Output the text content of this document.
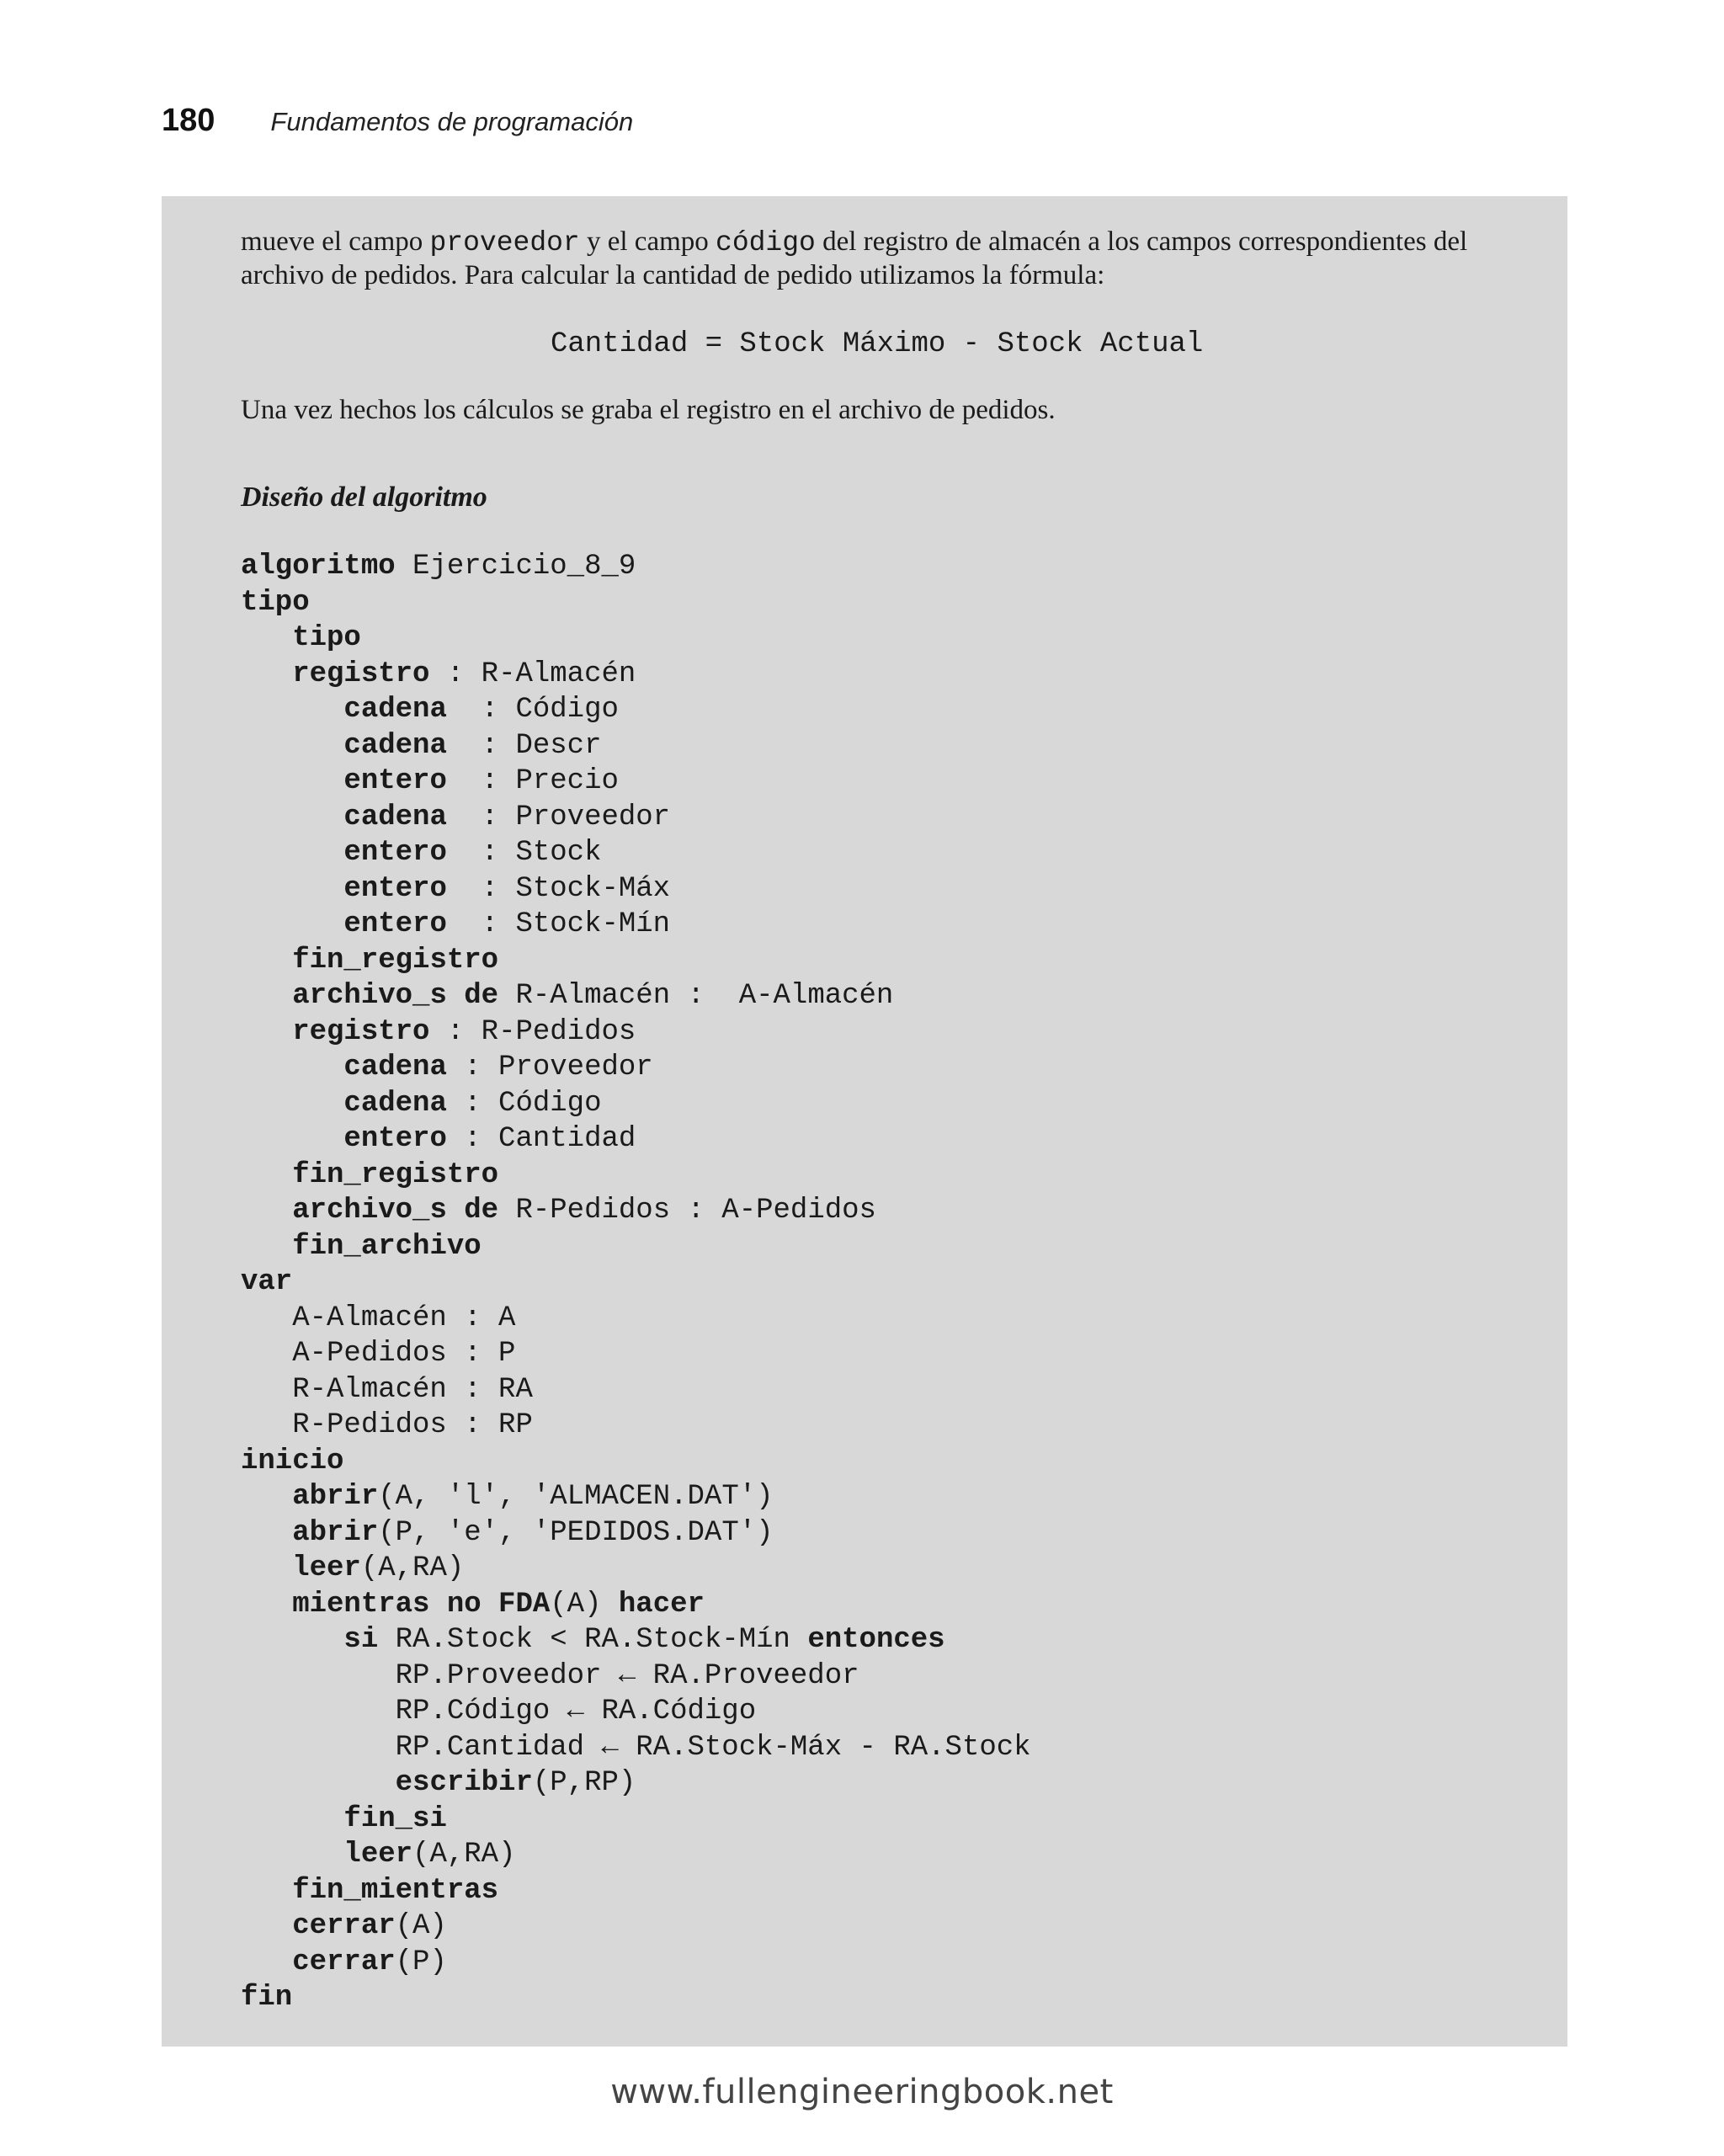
180 Fundamentos de programación

mueve el campo proveedor y el campo código del registro de almacén a los campos correspondientes del archivo de pedidos. Para calcular la cantidad de pedido utilizamos la fórmula:

Cantidad = Stock Máximo - Stock Actual

Una vez hechos los cálculos se graba el registro en el archivo de pedidos.

Diseño del algoritmo

algoritmo Ejercicio_8_9
tipo
tipo
registro : R-Almacén
cadena  : Código
cadena  : Descr
entero  : Precio
cadena  : Proveedor
entero  : Stock
entero  : Stock-Máx
entero  : Stock-Mín
fin_registro
archivo_s de R-Almacén :  A-Almacén
registro : R-Pedidos
cadena : Proveedor
cadena : Código
entero : Cantidad
fin_registro
archivo_s de R-Pedidos : A-Pedidos
fin_archivo
var
A-Almacén : A
A-Pedidos : P
R-Almacén : RA
R-Pedidos : RP
inicio
abrir(A, 'l', 'ALMACEN.DAT')
abrir(P, 'e', 'PEDIDOS.DAT')
leer(A,RA)
mientras no FDA(A) hacer
si RA.Stock < RA.Stock-Mín entonces
RP.Proveedor ← RA.Proveedor
RP.Código ← RA.Código
RP.Cantidad ← RA.Stock-Máx - RA.Stock
escribir(P,RP)
fin_si
leer(A,RA)
fin_mientras
cerrar(A)
cerrar(P)
fin
www.fullengineeringbook.net
